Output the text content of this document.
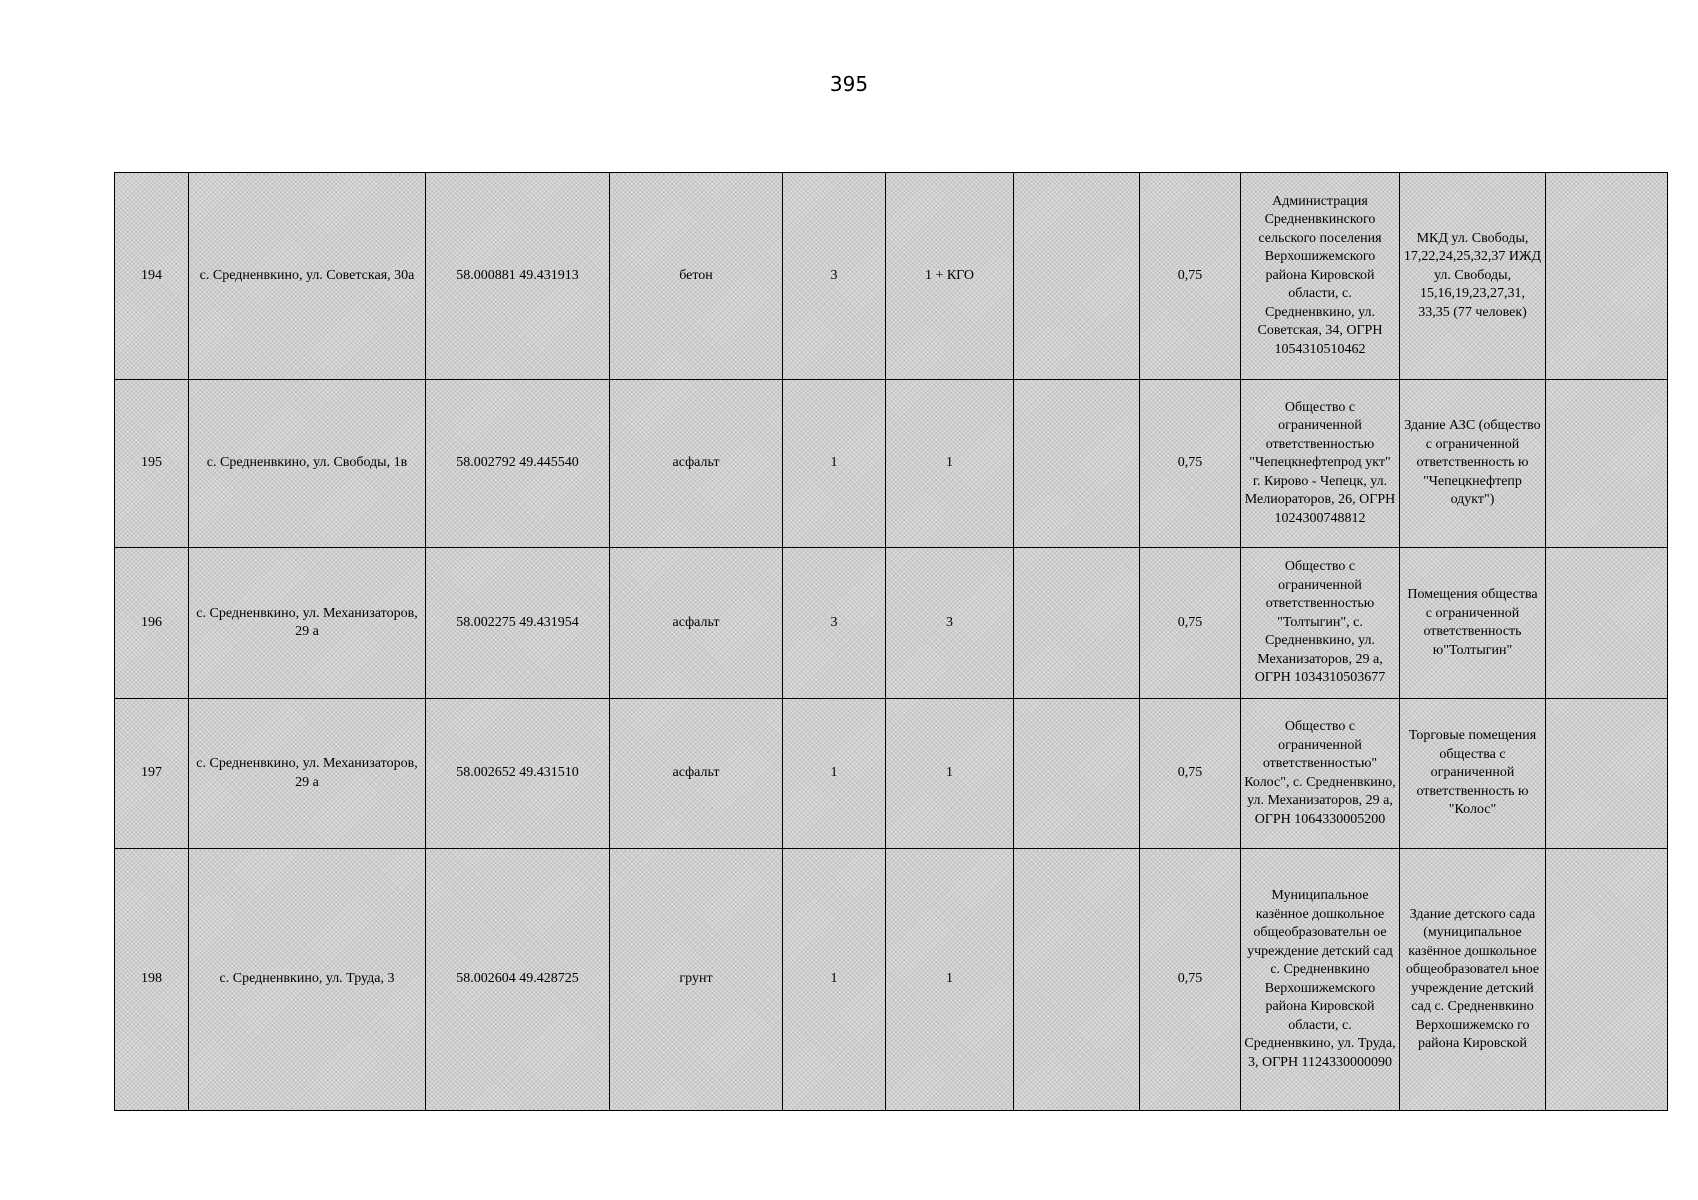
395
194	с. Средненвкино, ул. Советская, 30а	58.000881 49.431913	бетон	3	1 + КГО		0,75	Администрация Средненвкинского сельского поселения Верхошижемского района Кировской области, с. Средненвкино, ул. Советская, 34, ОГРН 1054310510462	МКД ул. Свободы, 17,22,24,25,32,37 ИЖД ул. Свободы, 15,16,19,23,27,31, 33,35 (77 человек)	
195	с. Средненвкино, ул. Свободы, 1в	58.002792 49.445540	асфальт	1	1		0,75	Общество с ограниченной ответственностью "Чепецкнефтепрод укт" г. Кирово - Чепецк, ул. Мелиораторов, 26, ОГРН 1024300748812	Здание АЗС (общество с ограниченной ответственность ю "Чепецкнефтепр одукт")	
196	с. Средненвкино, ул. Механизаторов, 29 а	58.002275 49.431954	асфальт	3	3		0,75	Общество с ограниченной ответственностью "Толтыгин", с. Средненвкино, ул. Механизаторов, 29 а, ОГРН 1034310503677	Помещения общества с ограниченной ответственность ю"Толтыгин"	
197	с. Средненвкино, ул. Механизаторов, 29 а	58.002652 49.431510	асфальт	1	1		0,75	Общество с ограниченной ответственностью" Колос", с. Средненвкино, ул. Механизаторов, 29 а, ОГРН 1064330005200	Торговые помещения общества с ограниченной ответственность ю "Колос"	
198	с. Средненвкино, ул. Труда, 3	58.002604 49.428725	грунт	1	1		0,75	Муниципальное казённое дошкольное общеобразовательн ое учреждение детский сад с. Средненвкино Верхошижемского района Кировской области, с. Средненвкино, ул. Труда, 3, ОГРН 1124330000090	Здание детского сада (муниципальное казённое дошкольное общеобразовател ьное учреждение детский сад с. Средненвкино Верхошижемско го района Кировской	
